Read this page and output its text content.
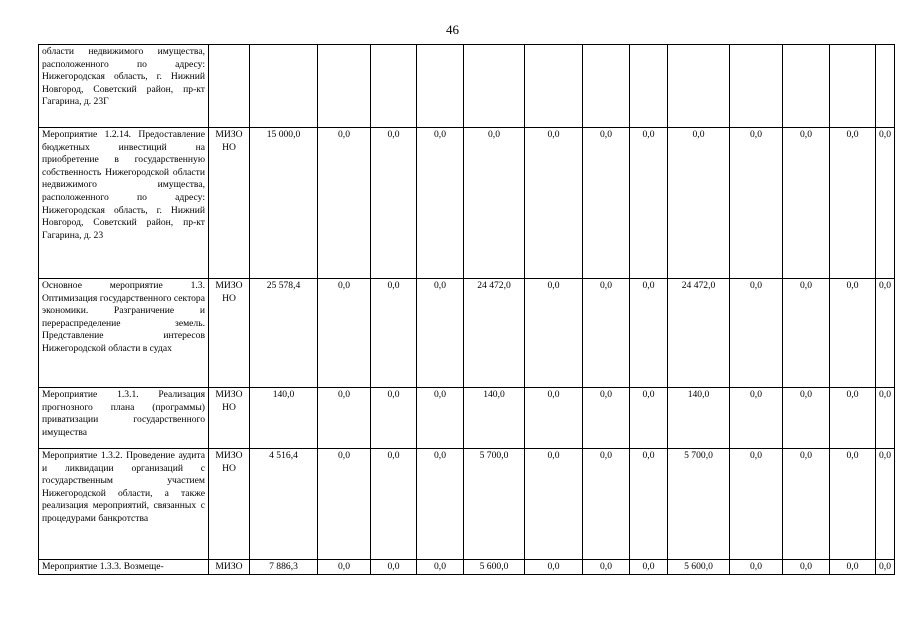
46
области недвижимого имущества, расположенного по адресу: Нижегородская область, г. Нижний Новгород, Советский район, пр-кт Гагарина, д. 23Г														
Мероприятие 1.2.14. Предоставление бюджетных инвестиций на приобретение в государственную собственность Нижегородской области недвижимого имущества, расположенного по адресу: Нижегородская область, г. Нижний Новгород, Советский район, пр-кт Гагарина, д. 23	МИЗО НО	15 000,0	0,0	0,0	0,0	0,0	0,0	0,0	0,0	0,0	0,0	0,0	0,0	0,0
Основное мероприятие 1.3. Оптимизация государственного сектора экономики. Разграничение и перераспределение земель. Представление интересов Нижегородской области в судах	МИЗО НО	25 578,4	0,0	0,0	0,0	24 472,0	0,0	0,0	0,0	24 472,0	0,0	0,0	0,0	0,0
Мероприятие 1.3.1. Реализация прогнозного плана (программы) приватизации государственного имущества	МИЗО НО	140,0	0,0	0,0	0,0	140,0	0,0	0,0	0,0	140,0	0,0	0,0	0,0	0,0
Мероприятие 1.3.2. Проведение аудита и ликвидации организаций с государственным участием Нижегородской области, а также реализация мероприятий, связанных с процедурами банкротства	МИЗО НО	4 516,4	0,0	0,0	0,0	5 700,0	0,0	0,0	0,0	5 700,0	0,0	0,0	0,0	0,0
Мероприятие 1.3.3. Возмеще-	МИЗО	7 886,3	0,0	0,0	0,0	5 600,0	0,0	0,0	0,0	5 600,0	0,0	0,0	0,0	0,0
